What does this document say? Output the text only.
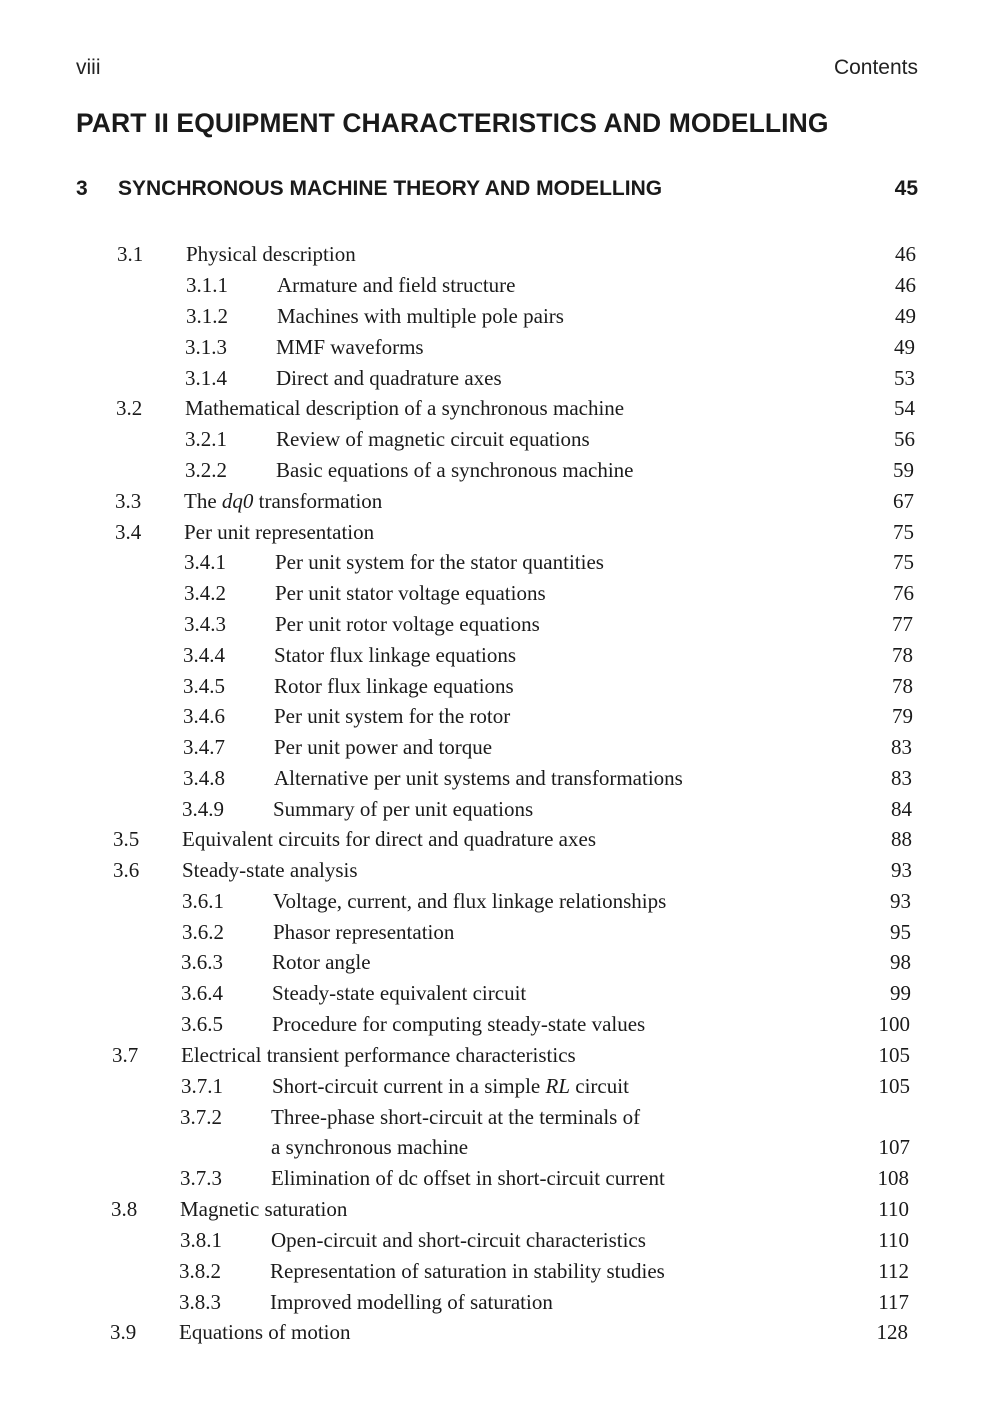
viii	Contents
PART II EQUIPMENT CHARACTERISTICS AND MODELLING
3 SYNCHRONOUS MACHINE THEORY AND MODELLING	45
3.1 Physical description	46
3.1.1 Armature and field structure	46
3.1.2 Machines with multiple pole pairs	49
3.1.3 MMF waveforms	49
3.1.4 Direct and quadrature axes	53
3.2 Mathematical description of a synchronous machine	54
3.2.1 Review of magnetic circuit equations	56
3.2.2 Basic equations of a synchronous machine	59
3.3 The dq0 transformation	67
3.4 Per unit representation	75
3.4.1 Per unit system for the stator quantities	75
3.4.2 Per unit stator voltage equations	76
3.4.3 Per unit rotor voltage equations	77
3.4.4 Stator flux linkage equations	78
3.4.5 Rotor flux linkage equations	78
3.4.6 Per unit system for the rotor	79
3.4.7 Per unit power and torque	83
3.4.8 Alternative per unit systems and transformations	83
3.4.9 Summary of per unit equations	84
3.5 Equivalent circuits for direct and quadrature axes	88
3.6 Steady-state analysis	93
3.6.1 Voltage, current, and flux linkage relationships	93
3.6.2 Phasor representation	95
3.6.3 Rotor angle	98
3.6.4 Steady-state equivalent circuit	99
3.6.5 Procedure for computing steady-state values	100
3.7 Electrical transient performance characteristics	105
3.7.1 Short-circuit current in a simple RL circuit	105
3.7.2 Three-phase short-circuit at the terminals of
a synchronous machine	107
3.7.3 Elimination of dc offset in short-circuit current	108
3.8 Magnetic saturation	110
3.8.1 Open-circuit and short-circuit characteristics	110
3.8.2 Representation of saturation in stability studies	112
3.8.3 Improved modelling of saturation	117
3.9 Equations of motion	128
